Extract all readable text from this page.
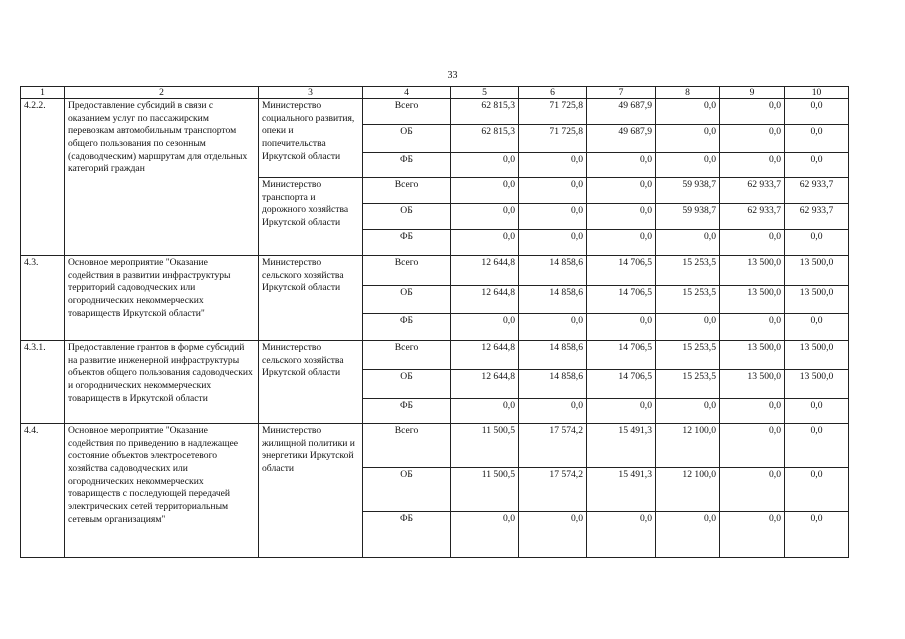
33
1	2	3	4	5	6	7	8	9	10
4.2.2.	Предоставление субсидий в связи с оказанием услуг по пассажирским перевозкам автомобильным транспортом общего пользования по сезонным (садоводческим) маршрутам для отдельных категорий граждан	Министерство социального развития, опеки и попечительства Иркутской области	Всего	62 815,3	71 725,8	49 687,9	0,0	0,0	0,0
			ОБ	62 815,3	71 725,8	49 687,9	0,0	0,0	0,0
			ФБ	0,0	0,0	0,0	0,0	0,0	0,0
		Министерство транспорта и дорожного хозяйства Иркутской области	Всего	0,0	0,0	0,0	59 938,7	62 933,7	62 933,7
			ОБ	0,0	0,0	0,0	59 938,7	62 933,7	62 933,7
			ФБ	0,0	0,0	0,0	0,0	0,0	0,0
4.3.	Основное мероприятие "Оказание содействия в развитии инфраструктуры территорий садоводческих или огороднических некоммерческих товариществ Иркутской области"	Министерство сельского хозяйства Иркутской области	Всего	12 644,8	14 858,6	14 706,5	15 253,5	13 500,0	13 500,0
			ОБ	12 644,8	14 858,6	14 706,5	15 253,5	13 500,0	13 500,0
			ФБ	0,0	0,0	0,0	0,0	0,0	0,0
4.3.1.	Предоставление грантов в форме субсидий на развитие инженерной инфраструктуры объектов общего пользования садоводческих и огороднических некоммерческих товариществ в Иркутской области	Министерство сельского хозяйства Иркутской области	Всего	12 644,8	14 858,6	14 706,5	15 253,5	13 500,0	13 500,0
			ОБ	12 644,8	14 858,6	14 706,5	15 253,5	13 500,0	13 500,0
			ФБ	0,0	0,0	0,0	0,0	0,0	0,0
4.4.	Основное мероприятие "Оказание содействия по приведению в надлежащее состояние объектов электросетевого хозяйства садоводческих или огороднических некоммерческих товариществ с последующей передачей электрических сетей территориальным сетевым организациям"	Министерство жилищной политики и энергетики Иркутской области	Всего	11 500,5	17 574,2	15 491,3	12 100,0	0,0	0,0
			ОБ	11 500,5	17 574,2	15 491,3	12 100,0	0,0	0,0
			ФБ	0,0	0,0	0,0	0,0	0,0	0,0
